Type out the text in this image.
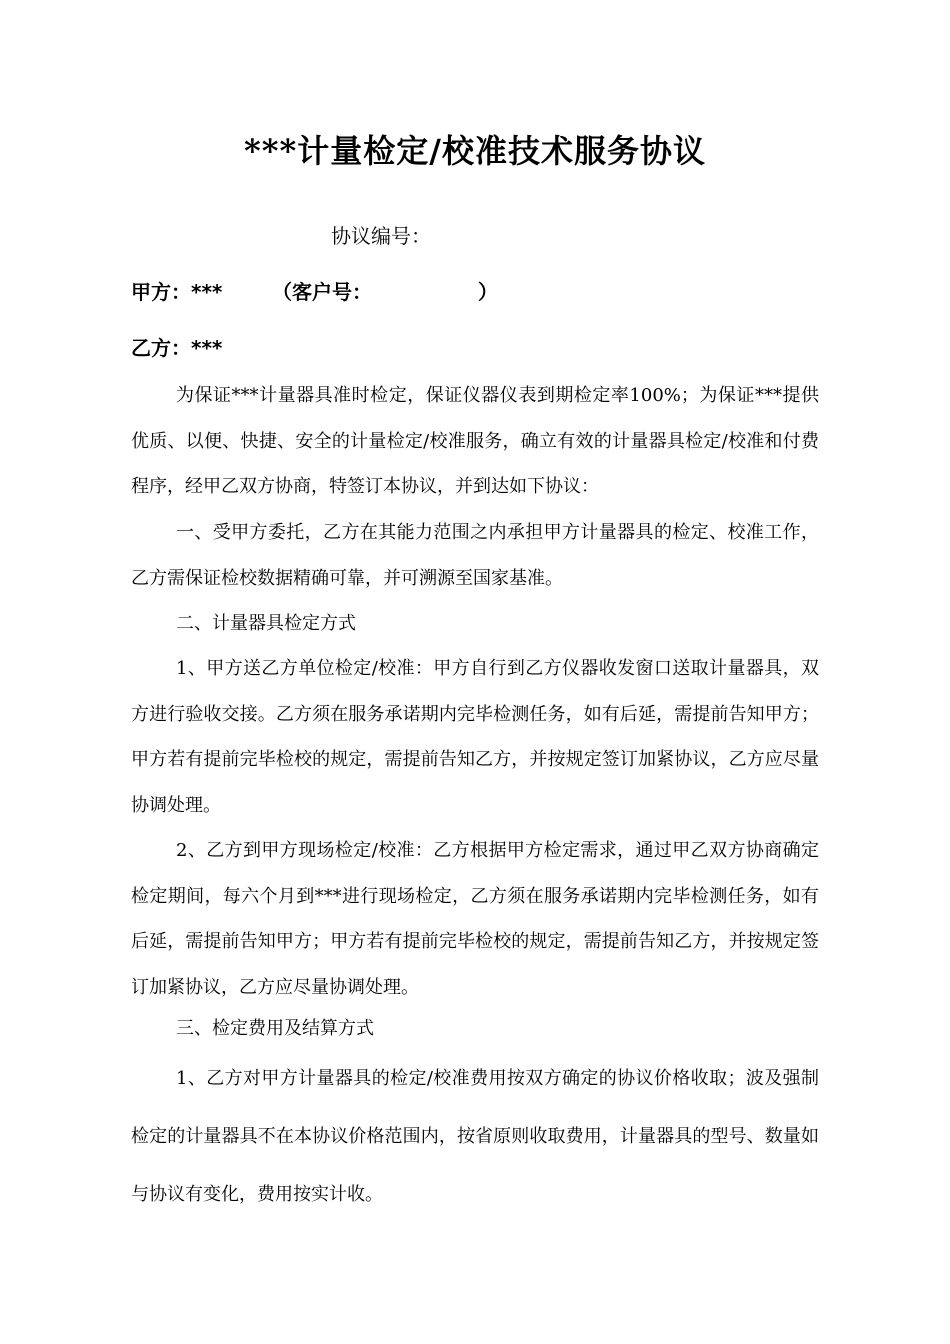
***计量检定/校准技术服务协议
协议编号：
甲方：*** （客户号：	）
乙方：***

为保证***计量器具准时检定，保证仪器仪表到期检定率100%；为保证***提供优质、以便、快捷、安全的计量检定/校准服务，确立有效的计量器具检定/校准和付费程序，经甲乙双方协商，特签订本协议，并到达如下协议：

一、受甲方委托，乙方在其能力范围之内承担甲方计量器具的检定、校准工作，乙方需保证检校数据精确可靠，并可溯源至国家基准。

二、计量器具检定方式

1、甲方送乙方单位检定/校准：甲方自行到乙方仪器收发窗口送取计量器具，双方进行验收交接。乙方须在服务承诺期内完毕检测任务，如有后延，需提前告知甲方；甲方若有提前完毕检校的规定，需提前告知乙方，并按规定签订加紧协议，乙方应尽量协调处理。

2、乙方到甲方现场检定/校准：乙方根据甲方检定需求，通过甲乙双方协商确定检定期间，每六个月到***进行现场检定，乙方须在服务承诺期内完毕检测任务，如有后延，需提前告知甲方；甲方若有提前完毕检校的规定，需提前告知乙方，并按规定签订加紧协议，乙方应尽量协调处理。

三、检定费用及结算方式

1、乙方对甲方计量器具的检定/校准费用按双方确定的协议价格收取；波及强制检定的计量器具不在本协议价格范围内，按省原则收取费用，计量器具的型号、数量如与协议有变化，费用按实计收。
